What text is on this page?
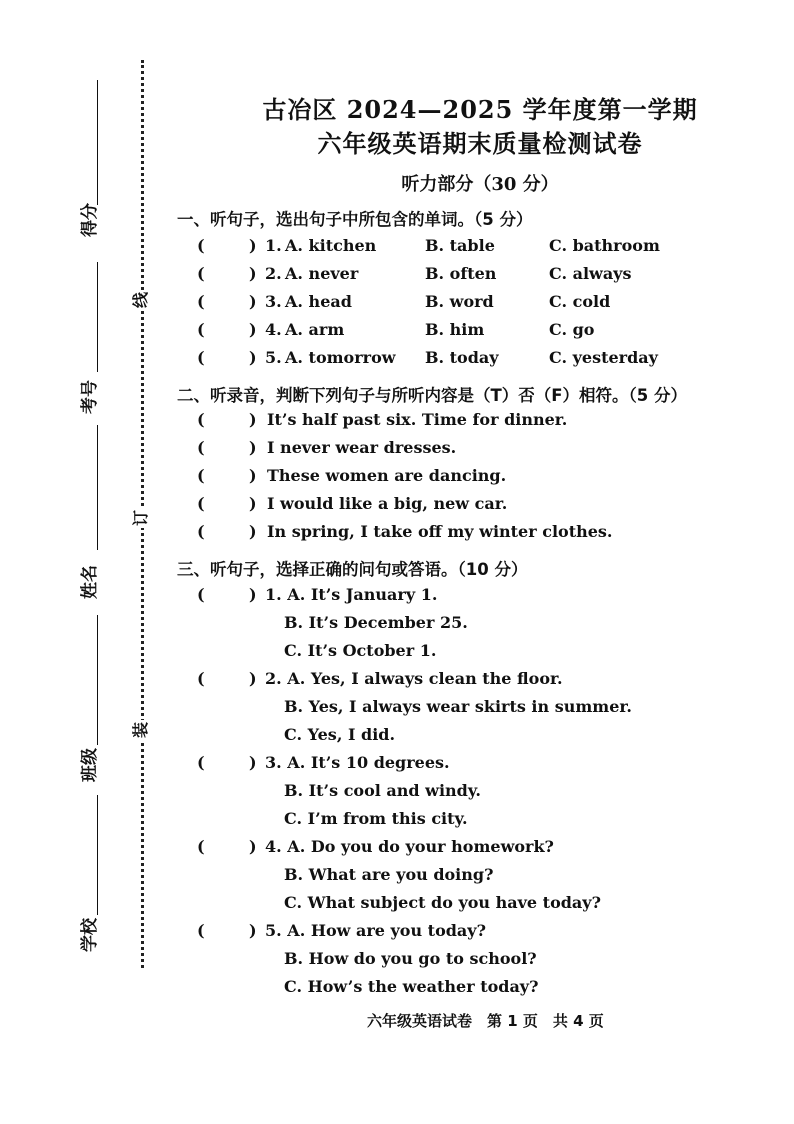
得分
考号
姓名
班级
学校
线
订
装
古冶区 2024—2025 学年度第一学期
六年级英语期末质量检测试卷
听力部分（30 分）
一、听句子，选出句子中所包含的单词。（5 分）
(	) 1. A. kitchen	B. table	C. bathroom
(	) 2. A. never	B. often	C. always
(	) 3. A. head	B. word	C. cold
(	) 4. A. arm	B. him	C. go
(	) 5. A. tomorrow B. today	C. yesterday
二、听录音，判断下列句子与所听内容是（T）否（F）相符。（5 分）
(	) It’s half past six. Time for dinner.
(	) I never wear dresses.
(	) These women are dancing.
(	) I would like a big, new car.
(	) In spring, I take off my winter clothes.
三、听句子，选择正确的问句或答语。（10 分）
(	) 1. A. It’s January 1.
B. It’s December 25.
C. It’s October 1.
(	) 2. A. Yes, I always clean the floor.
B. Yes, I always wear skirts in summer.
C. Yes, I did.
(	) 3. A. It’s 10 degrees.
B. It’s cool and windy.
C. I’m from this city.
(	) 4. A. Do you do your homework?
B. What are you doing?
C. What subject do you have today?
(	) 5. A. How are you today?
B. How do you go to school?
C. How’s the weather today?
六年级英语试卷　第 1 页　共 4 页
